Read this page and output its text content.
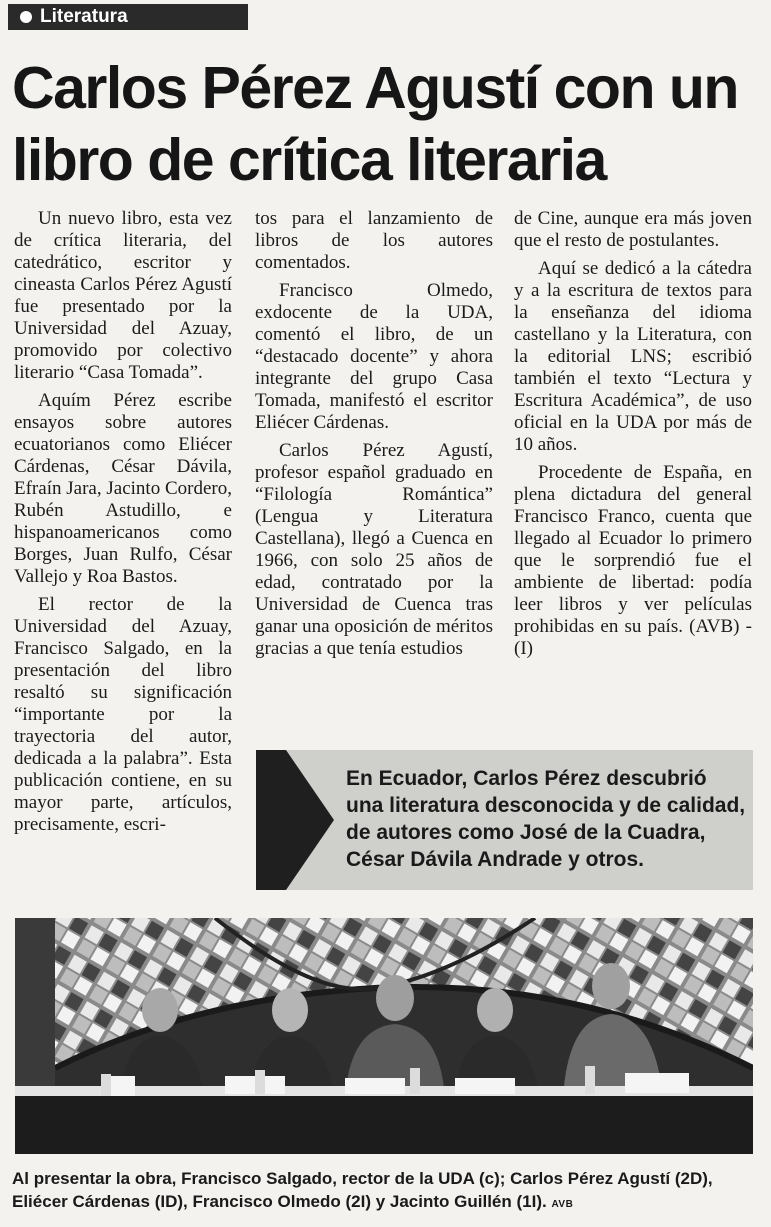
Literatura
Carlos Pérez Agustí con un libro de crítica literaria

Un nuevo libro, esta vez de crítica literaria, del catedrático, escritor y cineasta Carlos Pérez Agustí fue presentado por la Universidad del Azuay, promovido por colectivo literario “Casa Tomada”.

Aquím Pérez escribe ensayos sobre autores ecuatorianos como Eliécer Cárdenas, César Dávila, Efraín Jara, Jacinto Cordero, Rubén Astudillo, e hispanoamericanos como Borges, Juan Rulfo, César Vallejo y Roa Bastos.

El rector de la Universidad del Azuay, Francisco Salgado, en la presentación del libro resaltó su significación “importante por la trayectoria del autor, dedicada a la palabra”. Esta publicación contiene, en su mayor parte, artículos, precisamente, escri-

tos para el lanzamiento de libros de los autores comentados.

Francisco Olmedo, exdocente de la UDA, comentó el libro, de un “destacado docente” y ahora integrante del grupo Casa Tomada, manifestó el escritor Eliécer Cárdenas.

Carlos Pérez Agustí, profesor español graduado en “Filología Romántica” (Lengua y Literatura Castellana), llegó a Cuenca en 1966, con solo 25 años de edad, contratado por la Universidad de Cuenca tras ganar una oposición de méritos gracias a que tenía estudios

de Cine, aunque era más joven que el resto de postulantes.

Aquí se dedicó a la cátedra y a la escritura de textos para la enseñanza del idioma castellano y la Literatura, con la editorial LNS; escribió también el texto “Lectura y Escritura Académica”, de uso oficial en la UDA por más de 10 años.

Procedente de España, en plena dictadura del general Francisco Franco, cuenta que llegado al Ecuador lo primero que le sorprendió fue el ambiente de libertad: podía leer libros y ver películas prohibidas en su país. (AVB) -(I)

En Ecuador, Carlos Pérez descubrió una literatura desconocida y de calidad, de autores como José de la Cuadra, César Dávila Andrade y otros.

Al presentar la obra, Francisco Salgado, rector de la UDA (c); Carlos Pérez Agustí (2D), Eliécer Cárdenas (ID), Francisco Olmedo (2I) y Jacinto Guillén (1I). AVB
